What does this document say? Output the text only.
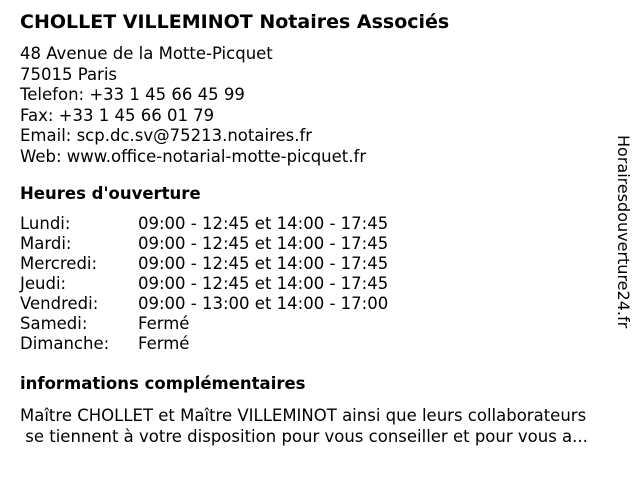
CHOLLET VILLEMINOT Notaires Associés
48 Avenue de la Motte-Picquet
75015 Paris
Telefon: +33 1 45 66 45 99
Fax: +33 1 45 66 01 79
Email: scp.dc.sv@75213.notaires.fr
Web: www.office-notarial-motte-picquet.fr
Heures d'ouverture
Lundi:	09:00 - 12:45 et 14:00 - 17:45
Mardi:	09:00 - 12:45 et 14:00 - 17:45
Mercredi: 09:00 - 12:45 et 14:00 - 17:45
Jeudi:	09:00 - 12:45 et 14:00 - 17:45
Vendredi: 09:00 - 13:00 et 14:00 - 17:00
Samedi:	Fermé
Dimanche: Fermé
informations complémentaires
Maître CHOLLET et Maître VILLEMINOT ainsi que leurs collaborateurs
se tiennent à votre disposition pour vous conseiller et pour vous a...
Horairesdouverture24.fr
